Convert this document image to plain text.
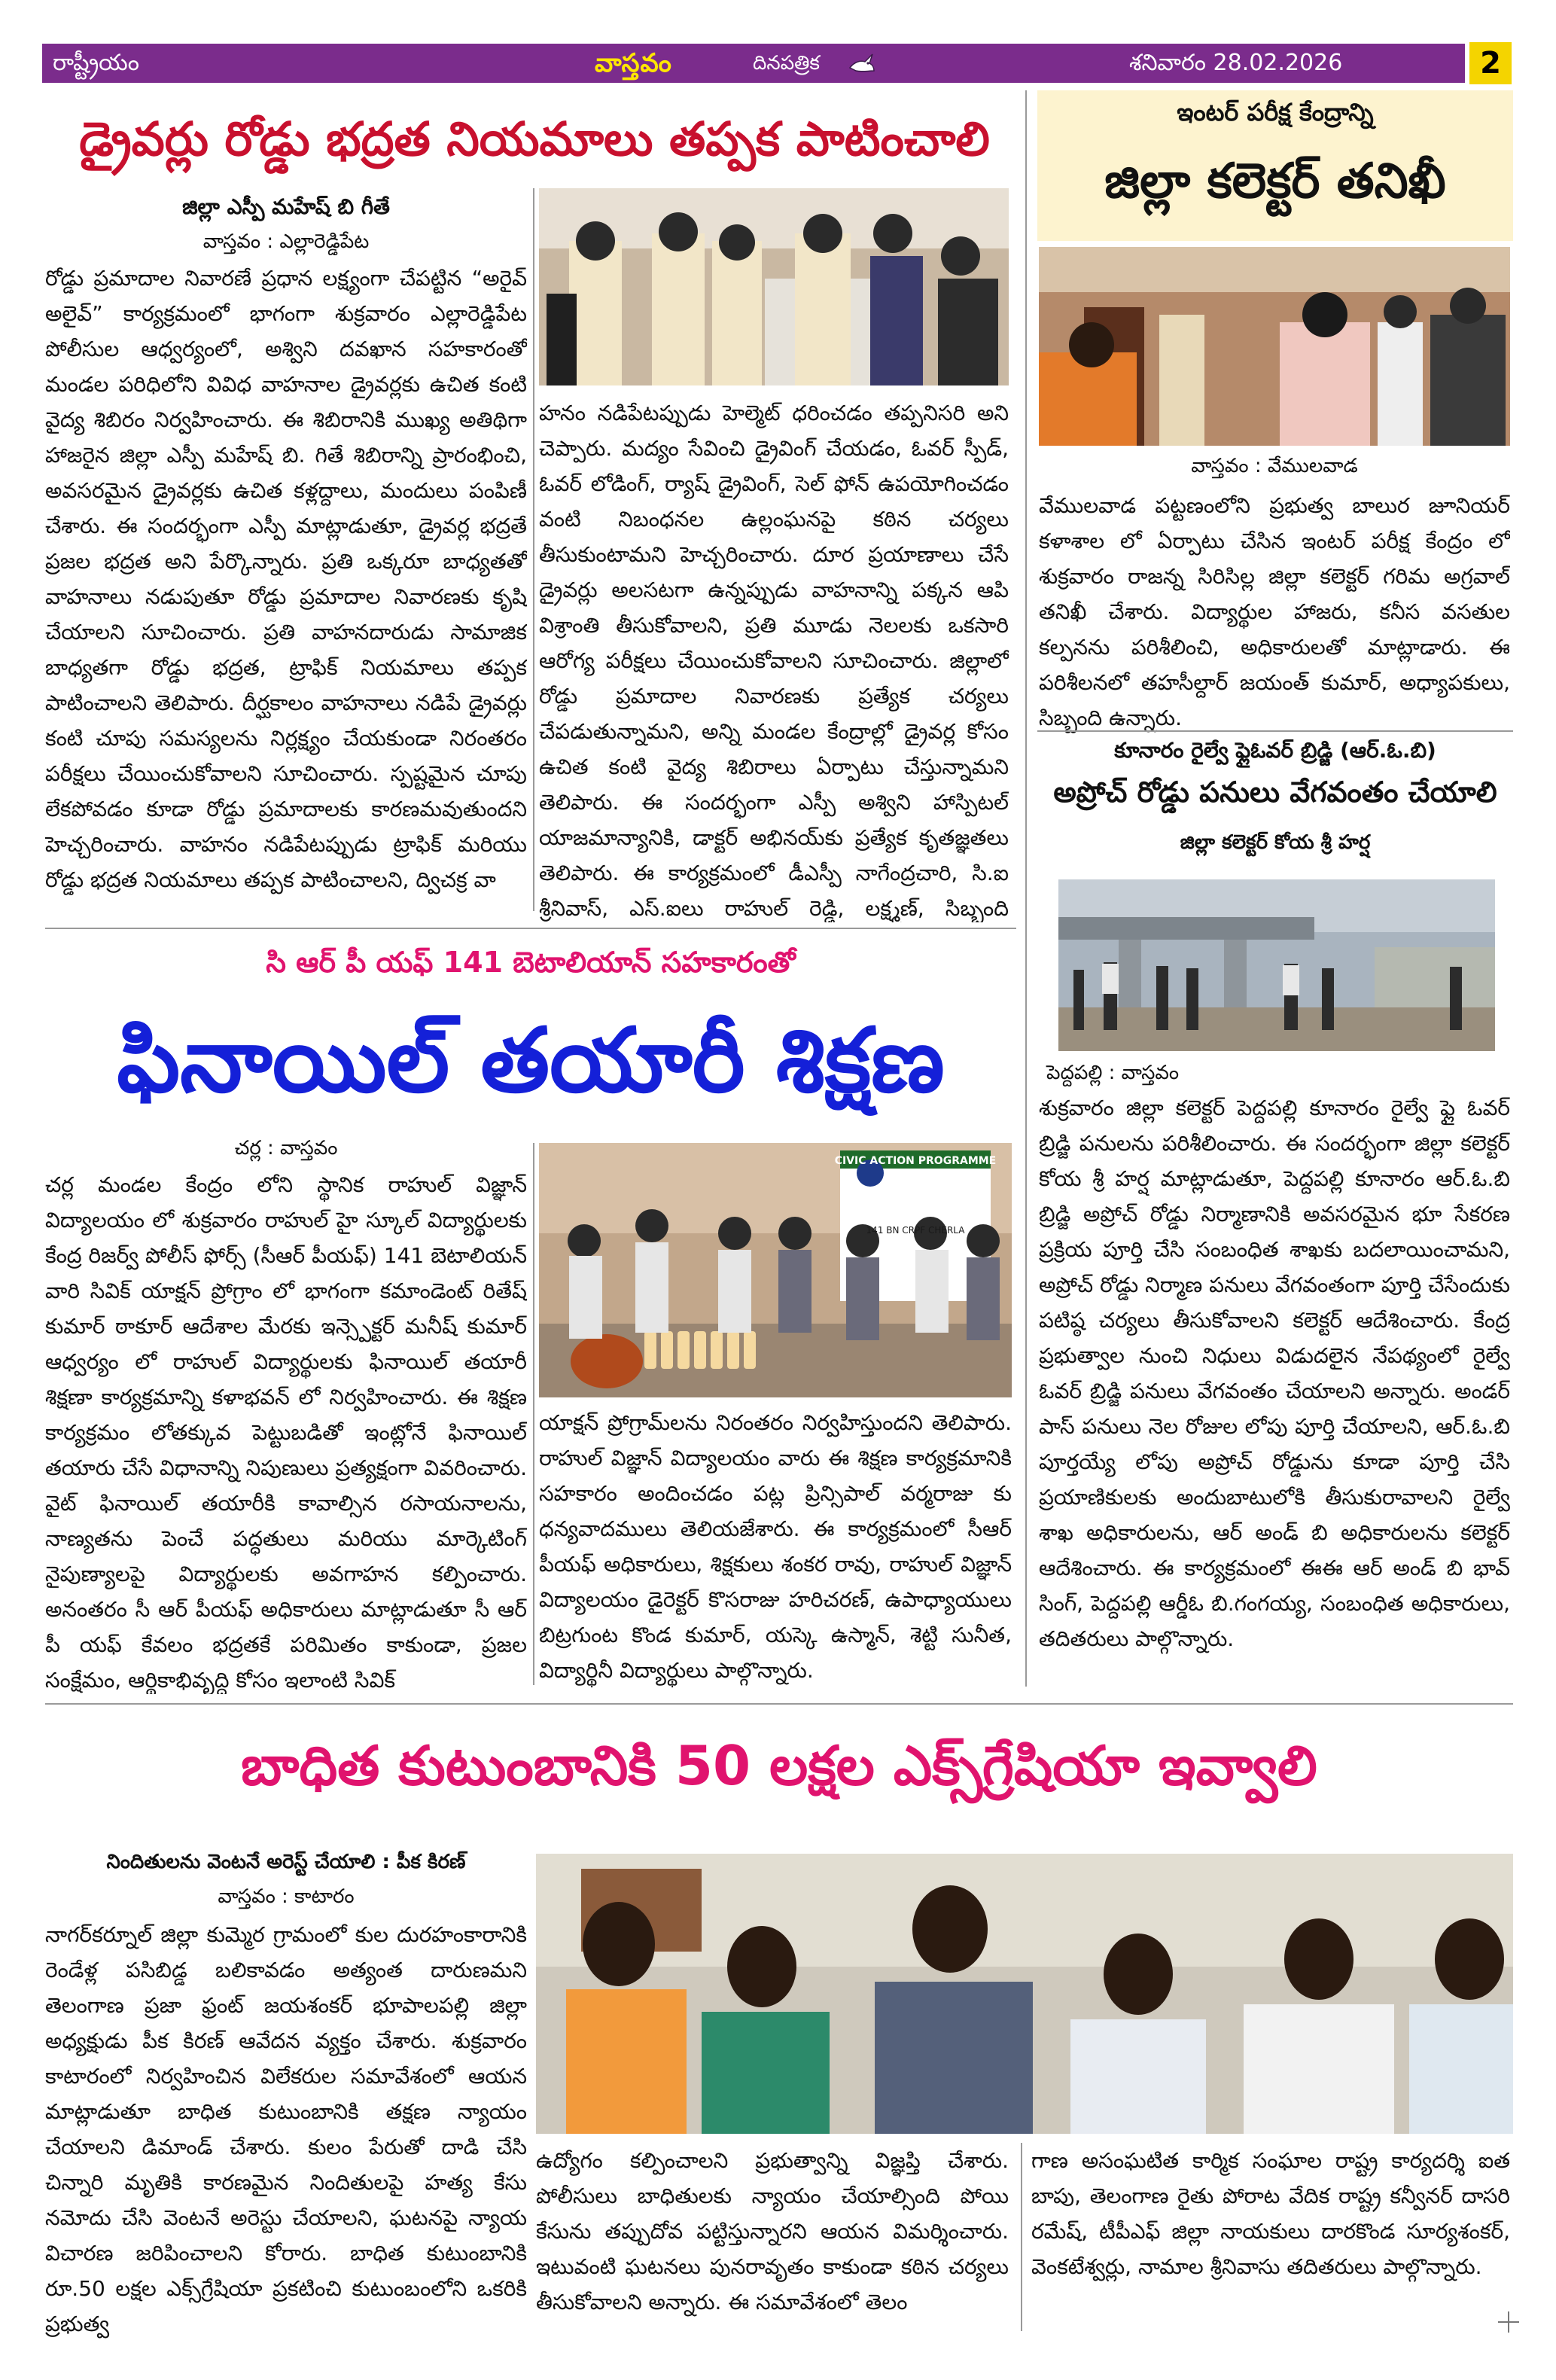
రాష్ట్రీయం	వాస్తవం	దినపత్రిక	శనివారం 28.02.2026	2
డ్రైవర్లు రోడ్డు భద్రత నియమాలు తప్పక పాటించాలి
జిల్లా ఎస్పీ మహేష్ బి గీతే
వాస్తవం : ఎల్లారెడ్డిపేట
రోడ్డు ప్రమాదాల నివారణే ప్రధాన లక్ష్యంగా చేపట్టిన “అరైవ్ అలైవ్” కార్యక్రమంలో భాగంగా శుక్రవారం ఎల్లారెడ్డిపేట పోలీసుల ఆధ్వర్యంలో, అశ్విని దవఖాన సహకారంతో మండల పరిధిలోని వివిధ వాహనాల డ్రైవర్లకు ఉచిత కంటి వైద్య శిబిరం నిర్వహించారు. ఈ శిబిరానికి ముఖ్య అతిథిగా హాజరైన జిల్లా ఎస్పీ మహేష్ బి. గితే శిబిరాన్ని ప్రారంభించి, అవసరమైన డ్రైవర్లకు ఉచిత కళ్లద్దాలు, మందులు పంపిణీ చేశారు. ఈ సందర్భంగా ఎస్పీ మాట్లాడుతూ, డ్రైవర్ల భద్రతే ప్రజల భద్రత అని పేర్కొన్నారు. ప్రతి ఒక్కరూ బాధ్యతతో వాహనాలు నడుపుతూ రోడ్డు ప్రమాదాల నివారణకు కృషి చేయాలని సూచించారు. ప్రతి వాహనదారుడు సామాజిక బాధ్యతగా రోడ్డు భద్రత, ట్రాఫిక్ నియమాలు తప్పక పాటించాలని తెలిపారు. దీర్ఘకాలం వాహనాలు నడిపే డ్రైవర్లు కంటి చూపు సమస్యలను నిర్లక్ష్యం చేయకుండా నిరంతరం పరీక్షలు చేయించుకోవాలని సూచించారు. స్పష్టమైన చూపు లేకపోవడం కూడా రోడ్డు ప్రమాదాలకు కారణమవుతుందని హెచ్చరించారు. వాహనం నడిపేటప్పుడు ట్రాఫిక్ మరియు రోడ్డు భద్రత నియమాలు తప్పక పాటించాలని, ద్విచక్ర వా
హనం నడిపేటప్పుడు హెల్మెట్ ధరించడం తప్పనిసరి అని చెప్పారు. మద్యం సేవించి డ్రైవింగ్ చేయడం, ఓవర్ స్పీడ్, ఓవర్ లోడింగ్, ర్యాష్ డ్రైవింగ్, సెల్ ఫోన్ ఉపయోగించడం వంటి నిబంధనల ఉల్లంఘనపై కఠిన చర్యలు తీసుకుంటామని హెచ్చరించారు. దూర ప్రయాణాలు చేసే డ్రైవర్లు అలసటగా ఉన్నప్పుడు వాహనాన్ని పక్కన ఆపి విశ్రాంతి తీసుకోవాలని, ప్రతి మూడు నెలలకు ఒకసారి ఆరోగ్య పరీక్షలు చేయించుకోవాలని సూచించారు. జిల్లాలో రోడ్డు ప్రమాదాల నివారణకు ప్రత్యేక చర్యలు చేపడుతున్నామని, అన్ని మండల కేంద్రాల్లో డ్రైవర్ల కోసం ఉచిత కంటి వైద్య శిబిరాలు ఏర్పాటు చేస్తున్నామని తెలిపారు. ఈ సందర్భంగా ఎస్పీ అశ్విని హాస్పిటల్ యాజమాన్యానికి, డాక్టర్ అభినయ్‌కు ప్రత్యేక కృతజ్ఞతలు తెలిపారు. ఈ కార్యక్రమంలో డీఎస్పీ నాగేంద్రచారి, సి.ఐ శ్రీనివాస్, ఎస్.ఐలు రాహుల్ రెడ్డి, లక్ష్మణ్, సిబ్బంది
ఇంటర్ పరీక్ష కేంద్రాన్ని
జిల్లా కలెక్టర్ తనిఖీ
వాస్తవం : వేములవాడ
వేములవాడ పట్టణంలోని ప్రభుత్వ బాలుర జూనియర్ కళాశాల లో ఏర్పాటు చేసిన ఇంటర్ పరీక్ష కేంద్రం లో శుక్రవారం రాజన్న సిరిసిల్ల జిల్లా కలెక్టర్ గరిమ అగ్రవాల్ తనిఖీ చేశారు. విద్యార్థుల హాజరు, కనీస వసతుల కల్పనను పరిశీలించి, అధికారులతో మాట్లాడారు. ఈ పరిశీలనలో తహసీల్దార్ జయంత్ కుమార్, అధ్యాపకులు, సిబ్బంది ఉన్నారు.
కూనారం రైల్వే ఫ్లైఓవర్ బ్రిడ్జి (ఆర్.ఓ.బి)
అప్రోచ్ రోడ్డు పనులు వేగవంతం చేయాలి
జిల్లా కలెక్టర్ కోయ శ్రీ హర్ష
పెద్దపల్లి : వాస్తవం
శుక్రవారం జిల్లా కలెక్టర్ పెద్దపల్లి కూనారం రైల్వే ఫ్లై ఓవర్ బ్రిడ్జి పనులను పరిశీలించారు. ఈ సందర్భంగా జిల్లా కలెక్టర్ కోయ శ్రీ హర్ష మాట్లాడుతూ, పెద్దపల్లి కూనారం ఆర్.ఓ.బి బ్రిడ్జి అప్రోచ్ రోడ్డు నిర్మాణానికి అవసరమైన భూ సేకరణ ప్రక్రియ పూర్తి చేసి సంబంధిత శాఖకు బదలాయించామని, అప్రోచ్ రోడ్డు నిర్మాణ పనులు వేగవంతంగా పూర్తి చేసేందుకు పటిష్ఠ చర్యలు తీసుకోవాలని కలెక్టర్ ఆదేశించారు. కేంద్ర ప్రభుత్వాల నుంచి నిధులు విడుదలైన నేపథ్యంలో రైల్వే ఓవర్ బ్రిడ్జి పనులు వేగవంతం చేయాలని అన్నారు. అండర్ పాస్ పనులు నెల రోజుల లోపు పూర్తి చేయాలని, ఆర్.ఓ.బి పూర్తయ్యే లోపు అప్రోచ్ రోడ్డును కూడా పూర్తి చేసి ప్రయాణికులకు అందుబాటులోకి తీసుకురావాలని రైల్వే శాఖ అధికారులను, ఆర్ అండ్ బి అధికారులను కలెక్టర్ ఆదేశించారు. ఈ కార్యక్రమంలో ఈఈ ఆర్ అండ్ బి భావ్ సింగ్, పెద్దపల్లి ఆర్డీఓ బి.గంగయ్య, సంబంధిత అధికారులు, తదితరులు పాల్గొన్నారు.
సి ఆర్ పీ యఫ్ 141 బెటాలియాన్ సహకారంతో
ఫినాయిల్ తయారీ శిక్షణ
చర్ల : వాస్తవం
చర్ల మండల కేంద్రం లోని స్థానిక రాహుల్ విజ్ఞాన్ విద్యాలయం లో శుక్రవారం రాహుల్ హై స్కూల్ విద్యార్థులకు కేంద్ర రిజర్వ్ పోలీస్ ఫోర్స్ (సీఆర్ పీయఫ్) 141 బెటాలియన్ వారి సివిక్ యాక్షన్ ప్రోగ్రాం లో భాగంగా కమాండెంట్ రితేష్ కుమార్ ఠాకూర్ ఆదేశాల మేరకు ఇన్స్పెక్టర్ మనీష్ కుమార్ ఆధ్వర్యం లో రాహుల్ విద్యార్థులకు ఫినాయిల్ తయారీ శిక్షణా కార్యక్రమాన్ని కళాభవన్ లో నిర్వహించారు. ఈ శిక్షణ కార్యక్రమం లోతక్కువ పెట్టుబడితో ఇంట్లోనే ఫినాయిల్ తయారు చేసే విధానాన్ని నిపుణులు ప్రత్యక్షంగా వివరించారు. వైట్ ఫినాయిల్ తయారీకి కావాల్సిన రసాయనాలను, నాణ్యతను పెంచే పద్ధతులు మరియు మార్కెటింగ్ నైపుణ్యాలపై విద్యార్థులకు అవగాహన కల్పించారు. అనంతరం సీ ఆర్ పీయఫ్ అధికారులు మాట్లాడుతూ సీ ఆర్ పీ యఫ్ కేవలం భద్రతకే పరిమితం కాకుండా, ప్రజల సంక్షేమం, ఆర్థికాభివృద్ధి కోసం ఇలాంటి సివిక్
CIVIC ACTION PROGRAMME
141 BN CRPF CHERLA
యాక్షన్ ప్రోగ్రామ్‌లను నిరంతరం నిర్వహిస్తుందని తెలిపారు. రాహుల్ విజ్ఞాన్ విద్యాలయం వారు ఈ శిక్షణ కార్యక్రమానికి సహకారం అందించడం పట్ల ప్రిన్సిపాల్ వర్మరాజు కు ధన్యవాదములు తెలియజేశారు. ఈ కార్యక్రమంలో సీఆర్ పీయఫ్ అధికారులు, శిక్షకులు శంకర రావు, రాహుల్ విజ్ఞాన్ విద్యాలయం డైరెక్టర్ కొసరాజు హరిచరణ్, ఉపాధ్యాయులు బిట్రగుంట కొండ కుమార్, యస్కె ఉస్మాన్, శెట్టి సునీత, విద్యార్థినీ విద్యార్థులు పాల్గొన్నారు.
బాధిత కుటుంబానికి 50 లక్షల ఎక్స్‌గ్రేషియా ఇవ్వాలి
నిందితులను వెంటనే అరెస్ట్ చేయాలి : పీక కిరణ్
వాస్తవం : కాటారం
నాగర్‌కర్నూల్ జిల్లా కుమ్మెర గ్రామంలో కుల దురహంకారానికి రెండేళ్ల పసిబిడ్డ బలికావడం అత్యంత దారుణమని తెలంగాణ ప్రజా ఫ్రంట్ జయశంకర్ భూపాలపల్లి జిల్లా అధ్యక్షుడు పీక కిరణ్ ఆవేదన వ్యక్తం చేశారు. శుక్రవారం కాటారంలో నిర్వహించిన విలేకరుల సమావేశంలో ఆయన మాట్లాడుతూ బాధిత కుటుంబానికి తక్షణ న్యాయం చేయాలని డిమాండ్ చేశారు. కులం పేరుతో దాడి చేసి చిన్నారి మృతికి కారణమైన నిందితులపై హత్య కేసు నమోదు చేసి వెంటనే అరెస్టు చేయాలని, ఘటనపై న్యాయ విచారణ జరిపించాలని కోరారు. బాధిత కుటుంబానికి రూ.50 లక్షల ఎక్స్‌గ్రేషియా ప్రకటించి కుటుంబంలోని ఒకరికి ప్రభుత్వ
ఉద్యోగం కల్పించాలని ప్రభుత్వాన్ని విజ్ఞప్తి చేశారు. పోలీసులు బాధితులకు న్యాయం చేయాల్సింది పోయి కేసును తప్పుదోవ పట్టిస్తున్నారని ఆయన విమర్శించారు. ఇటువంటి ఘటనలు పునరావృతం కాకుండా కఠిన చర్యలు తీసుకోవాలని అన్నారు. ఈ సమావేశంలో తెలం
గాణ అసంఘటిత కార్మిక సంఘాల రాష్ట్ర కార్యదర్శి ఐత బాపు, తెలంగాణ రైతు పోరాట వేదిక రాష్ట్ర కన్వీనర్ దాసరి రమేష్, టీపీఎఫ్ జిల్లా నాయకులు దారకొండ సూర్యశంకర్, వెంకటేశ్వర్లు, నామాల శ్రీనివాసు తదితరులు పాల్గొన్నారు.
